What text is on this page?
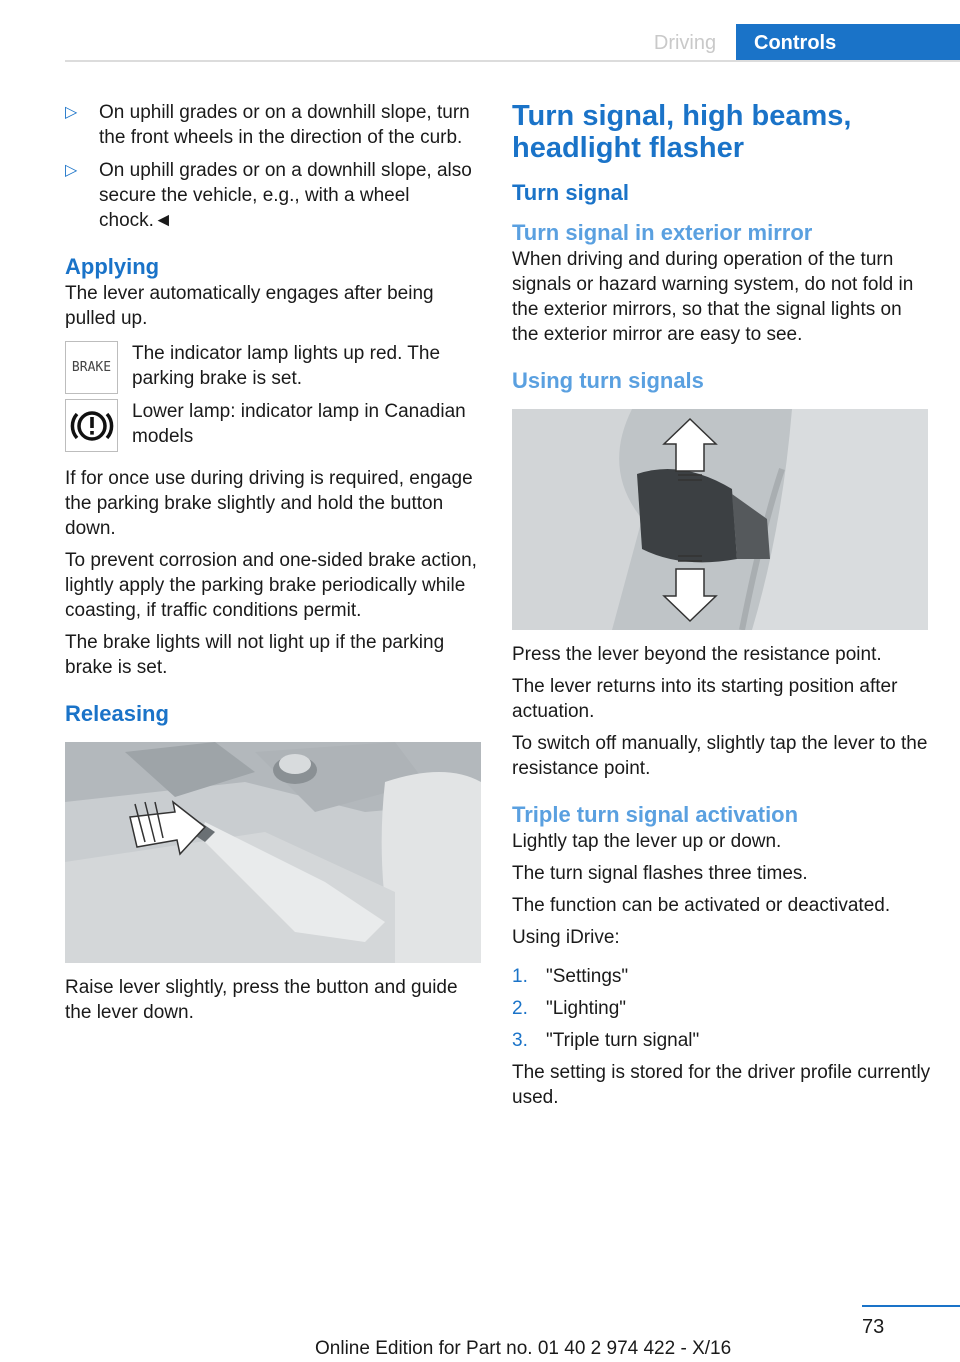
Driving	Controls
▷	On uphill grades or on a downhill slope, turn the front wheels in the direction of the curb.
▷	On uphill grades or on a downhill slope, also secure the vehicle, e.g., with a wheel chock.◄
Applying

The lever automatically engages after being pulled up.

BRAKE

The indicator lamp lights up red. The parking brake is set.

Lower lamp: indicator lamp in Canadian models

If for once use during driving is required, engage the parking brake slightly and hold the button down.

To prevent corrosion and one-sided brake action, lightly apply the parking brake periodically while coasting, if traffic conditions permit.

The brake lights will not light up if the parking brake is set.

Releasing

Raise lever slightly, press the button and guide the lever down.

Turn signal, high beams, headlight flasher
Turn signal
Turn signal in exterior mirror

When driving and during operation of the turn signals or hazard warning system, do not fold in the exterior mirrors, so that the signal lights on the exterior mirror are easy to see.

Using turn signals

Press the lever beyond the resistance point.

The lever returns into its starting position after actuation.

To switch off manually, slightly tap the lever to the resistance point.

Triple turn signal activation

Lightly tap the lever up or down.

The turn signal flashes three times.

The function can be activated or deactivated.

Using iDrive:

1. "Settings"
2. "Lighting"
3. "Triple turn signal"

The setting is stored for the driver profile currently used.

73
Online Edition for Part no. 01 40 2 974 422 - X/16
